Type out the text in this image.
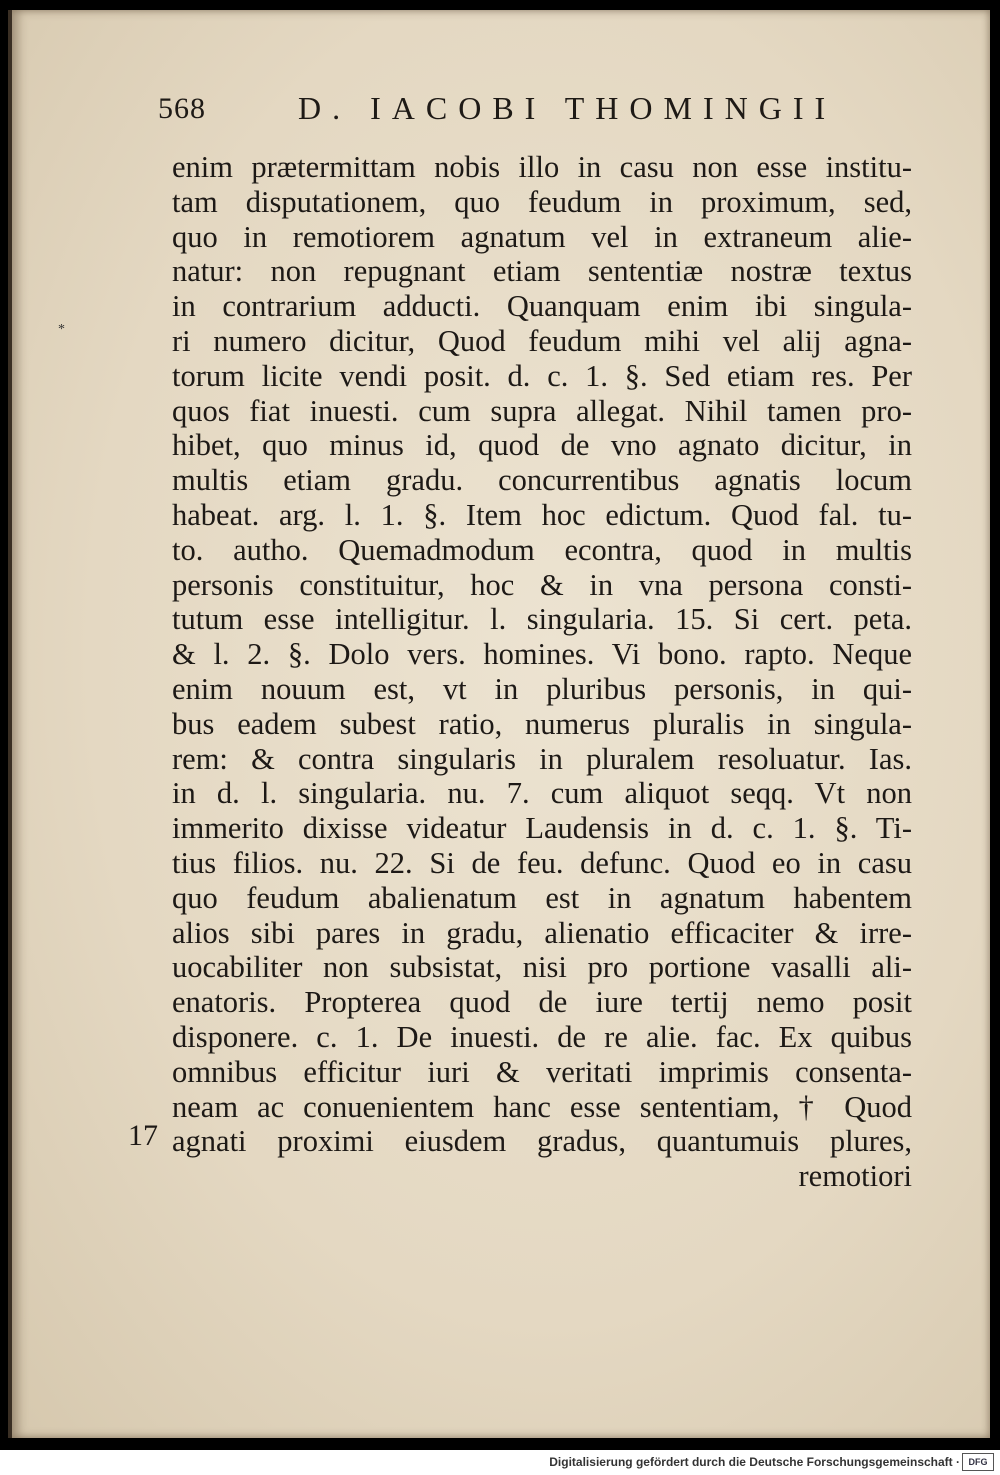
568	D. IACOBI THOMINGII
*
17
enim prætermittam nobis illo in casu non esse institu-
tam disputationem, quo feudum in proximum, sed,
quo in remotiorem agnatum vel in extraneum alie-
natur: non repugnant etiam sententiæ nostræ textus
in contrarium adducti. Quanquam enim ibi singula-
ri numero dicitur, Quod feudum mihi vel alij agna-
torum licite vendi posit. d. c. 1. §. Sed etiam res. Per
quos fiat inuesti. cum supra allegat. Nihil tamen pro-
hibet, quo minus id, quod de vno agnato dicitur, in
multis etiam gradu. concurrentibus agnatis locum
habeat. arg. l. 1. §. Item hoc edictum. Quod fal. tu-
to. autho. Quemadmodum econtra, quod in multis
personis constituitur, hoc & in vna persona consti-
tutum esse intelligitur. l. singularia. 15. Si cert. peta.
& l. 2. §. Dolo vers. homines. Vi bono. rapto. Neque
enim nouum est, vt in pluribus personis, in qui-
bus eadem subest ratio, numerus pluralis in singula-
rem: & contra singularis in pluralem resoluatur. Ias.
in d. l. singularia. nu. 7. cum aliquot seqq. Vt non
immerito dixisse videatur Laudensis in d. c. 1. §. Ti-
tius filios. nu. 22. Si de feu. defunc. Quod eo in casu
quo feudum abalienatum est in agnatum habentem
alios sibi pares in gradu, alienatio efficaciter & irre-
uocabiliter non subsistat, nisi pro portione vasalli ali-
enatoris. Propterea quod de iure tertij nemo posit
disponere. c. 1. De inuesti. de re alie. fac. Ex quibus
omnibus efficitur iuri & veritati imprimis consenta-
neam ac conuenientem hanc esse sententiam, † Quod
agnati proximi eiusdem gradus, quantumuis plures,
remotiori
Digitalisierung gefördert durch die Deutsche Forschungsgemeinschaft · DFG
